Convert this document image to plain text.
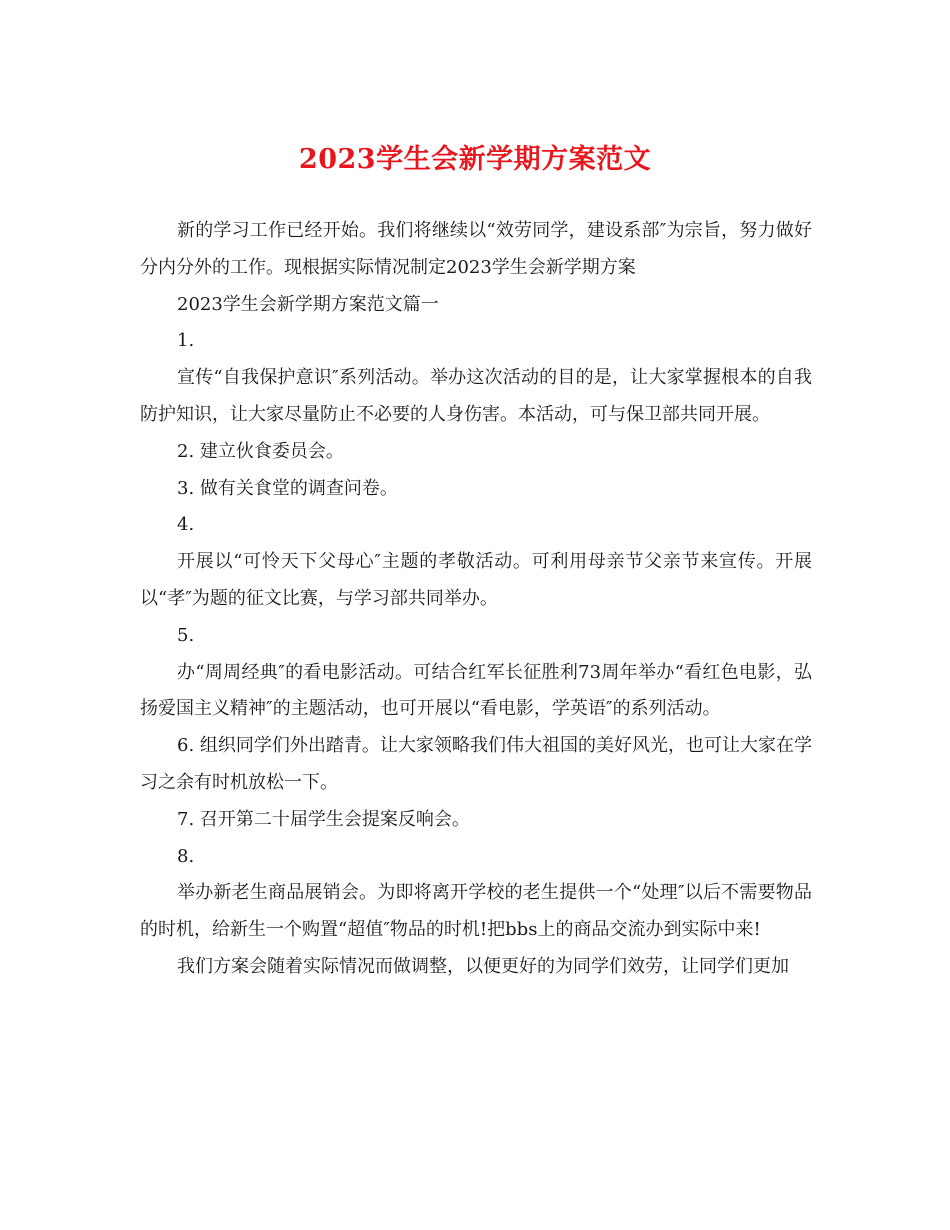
2023学生会新学期方案范文

新的学习工作已经开始。我们将继续以“效劳同学，建设系部″为宗旨，努力做好分内分外的工作。现根据实际情况制定2023学生会新学期方案

2023学生会新学期方案范文篇一

1.

宣传“自我保护意识″系列活动。举办这次活动的目的是，让大家掌握根本的自我防护知识，让大家尽量防止不必要的人身伤害。本活动，可与保卫部共同开展。

2. 建立伙食委员会。

3. 做有关食堂的调查问卷。

4.

开展以“可怜天下父母心″主题的孝敬活动。可利用母亲节父亲节来宣传。开展以“孝″为题的征文比赛，与学习部共同举办。

5.

办“周周经典″的看电影活动。可结合红军长征胜利73周年举办“看红色电影，弘扬爱国主义精神″的主题活动，也可开展以“看电影，学英语″的系列活动。

6. 组织同学们外出踏青。让大家领略我们伟大祖国的美好风光，也可让大家在学习之余有时机放松一下。

7. 召开第二十届学生会提案反响会。

8.

举办新老生商品展销会。为即将离开学校的老生提供一个“处理″以后不需要物品的时机，给新生一个购置“超值″物品的时机!把bbs上的商品交流办到实际中来!

我们方案会随着实际情况而做调整，以便更好的为同学们效劳，让同学们更加
